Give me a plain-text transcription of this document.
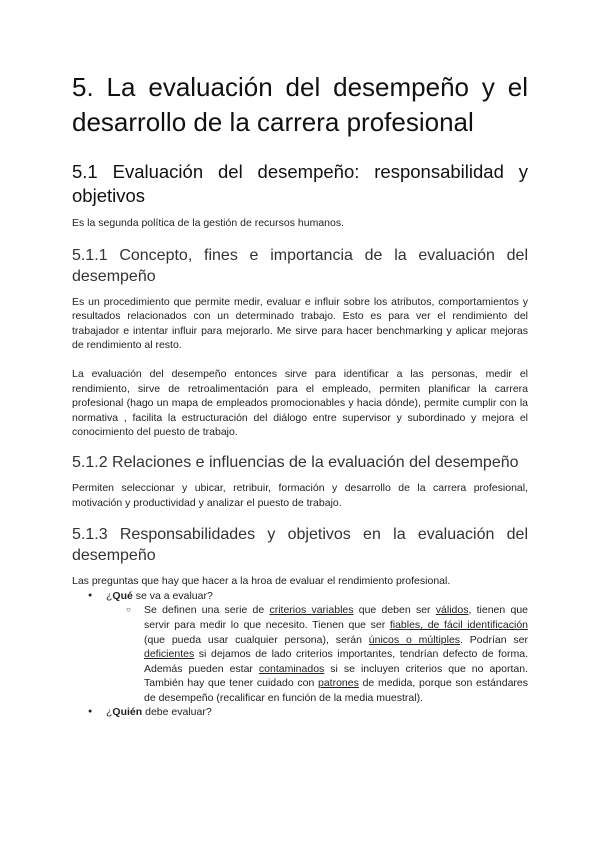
5. La evaluación del desempeño y el desarrollo de la carrera profesional
5.1 Evaluación del desempeño: responsabilidad y objetivos

Es la segunda política de la gestión de recursos humanos.

5.1.1 Concepto, fines e importancia de la evaluación del desempeño

Es un procedimiento que permite medir, evaluar e influir sobre los atributos, comportamientos y resultados relacionados con un determinado trabajo. Esto es para ver el rendimiento del trabajador e intentar influir para mejorarlo. Me sirve para hacer benchmarking y aplicar mejoras de rendimiento al resto.

La evaluación del desempeño entonces sirve para identificar a las personas, medir el rendimiento, sirve de retroalimentación para el empleado, permiten planificar la carrera profesional (hago un mapa de empleados promocionables y hacia dónde), permite cumplir con la normativa , facilita la estructuración del diálogo entre supervisor y subordinado y mejora el conocimiento del puesto de trabajo.

5.1.2 Relaciones e influencias de la evaluación del desempeño

Permiten seleccionar y ubicar, retribuir, formación y desarrollo de la carrera profesional, motivación y productividad y analizar el puesto de trabajo.

5.1.3 Responsabilidades y objetivos en la evaluación del desempeño

Las preguntas que hay que hacer a la hroa de evaluar el rendimiento profesional.

● ¿Qué se va a evaluar?
○ Se definen una serie de criterios variables que deben ser válidos, tienen que servir para medir lo que necesito. Tienen que ser fiables, de fácil identificación (que pueda usar cualquier persona), serán únicos o múltiples. Podrían ser deficientes si dejamos de lado criterios importantes, tendrían defecto de forma. Además pueden estar contaminados si se incluyen criterios que no aportan. También hay que tener cuidado con patrones de medida, porque son estándares de desempeño (recalificar en función de la media muestral).
● ¿Quién debe evaluar?
